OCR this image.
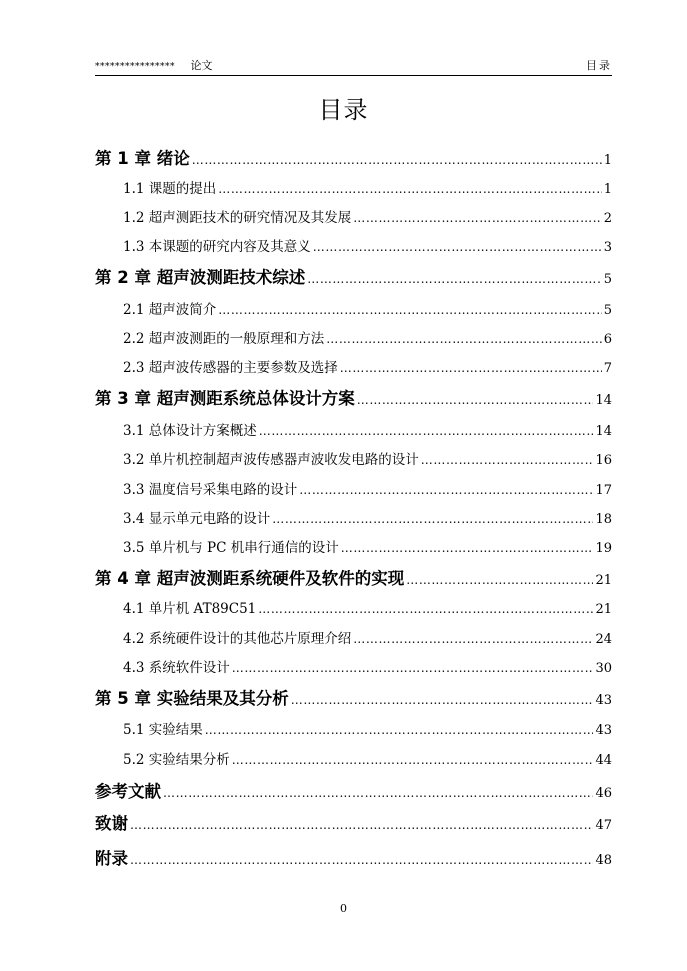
**************** 论文	目录
目录
第 1 章 绪论 ……………………………………………………………………………………………………………………………………………………………………	1
1.1 课题的提出 ……………………………………………………………………………………………………………………………………………………………………	1
1.2 超声测距技术的研究情况及其发展 ……………………………………………………………………………………………………………………………………………………………………	2
1.3 本课题的研究内容及其意义 ……………………………………………………………………………………………………………………………………………………………………	3
第 2 章 超声波测距技术综述 ……………………………………………………………………………………………………………………………………………………………………	5
2.1 超声波简介 ……………………………………………………………………………………………………………………………………………………………………	5
2.2 超声波测距的一般原理和方法 ……………………………………………………………………………………………………………………………………………………………………	6
2.3 超声波传感器的主要参数及选择 ……………………………………………………………………………………………………………………………………………………………………	7
第 3 章 超声测距系统总体设计方案 ……………………………………………………………………………………………………………………………………………………………………	14
3.1 总体设计方案概述 ……………………………………………………………………………………………………………………………………………………………………	14
3.2 单片机控制超声波传感器声波收发电路的设计 ……………………………………………………………………………………………………………………………………………………………………	16
3.3 温度信号采集电路的设计 ……………………………………………………………………………………………………………………………………………………………………	17
3.4 显示单元电路的设计 ……………………………………………………………………………………………………………………………………………………………………	18
3.5 单片机与 PC 机串行通信的设计 ……………………………………………………………………………………………………………………………………………………………………	19
第 4 章 超声波测距系统硬件及软件的实现 ……………………………………………………………………………………………………………………………………………………………………	21
4.1 单片机 AT89C51 ……………………………………………………………………………………………………………………………………………………………………	21
4.2 系统硬件设计的其他芯片原理介绍 ……………………………………………………………………………………………………………………………………………………………………	24
4.3 系统软件设计 ……………………………………………………………………………………………………………………………………………………………………	30
第 5 章 实验结果及其分析 ……………………………………………………………………………………………………………………………………………………………………	43
5.1 实验结果 ……………………………………………………………………………………………………………………………………………………………………	43
5.2 实验结果分析 ……………………………………………………………………………………………………………………………………………………………………	44
参考文献 ……………………………………………………………………………………………………………………………………………………………………	46
致谢 ……………………………………………………………………………………………………………………………………………………………………	47
附录 ……………………………………………………………………………………………………………………………………………………………………	48
0
